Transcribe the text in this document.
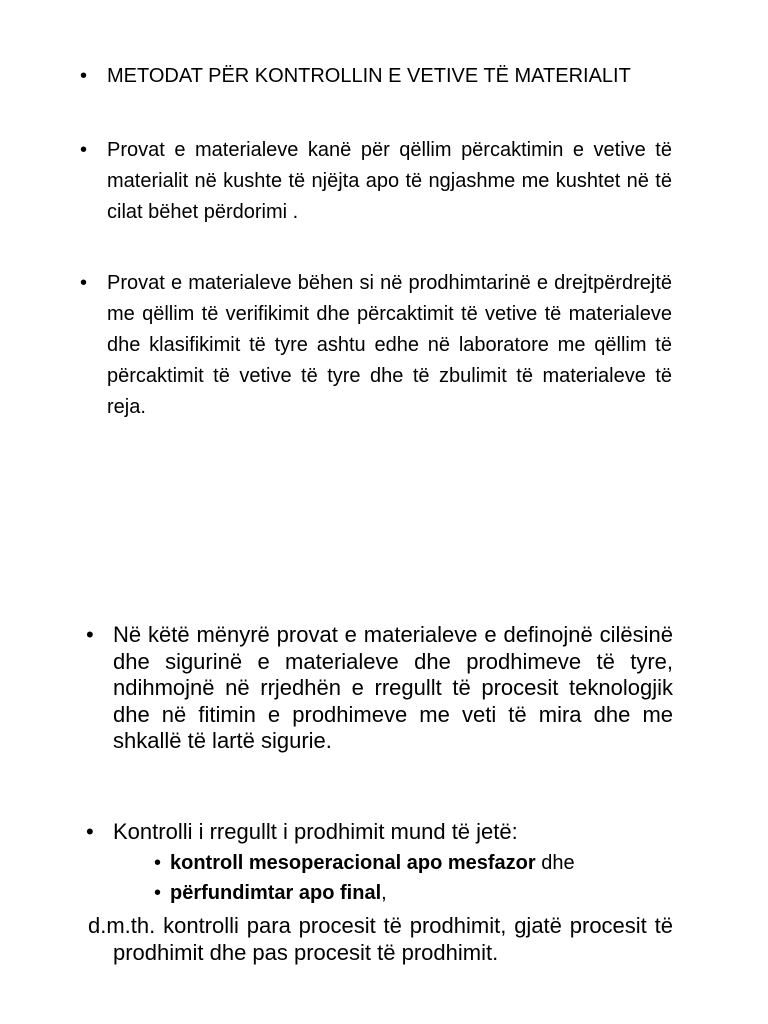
• METODAT PËR KONTROLLIN E VETIVE TË MATERIALIT
• Provat e materialeve kanë për qëllim përcaktimin e vetive të materialit në kushte të njëjta apo të ngjashme me kushtet në të cilat bëhet përdorimi .
• Provat e materialeve bëhen si në prodhimtarinë e drejtpërdrejtë me qëllim të verifikimit dhe përcaktimit të vetive të materialeve dhe klasifikimit të tyre ashtu edhe në laboratore me qëllim të përcaktimit të vetive të tyre dhe të zbulimit të materialeve të reja.
• Në këtë mënyrë provat e materialeve e definojnë cilësinë dhe sigurinë e materialeve dhe prodhimeve të tyre, ndihmojnë në rrjedhën e rregullt të procesit teknologjik dhe në fitimin e prodhimeve me veti të mira dhe me shkallë të lartë sigurie.
• Kontrolli i rregullt i prodhimit mund të jetë:
• kontroll mesoperacional apo mesfazor dhe
• përfundimtar apo final,
d.m.th. kontrolli para procesit të prodhimit, gjatë procesit të prodhimit dhe pas procesit të prodhimit.
